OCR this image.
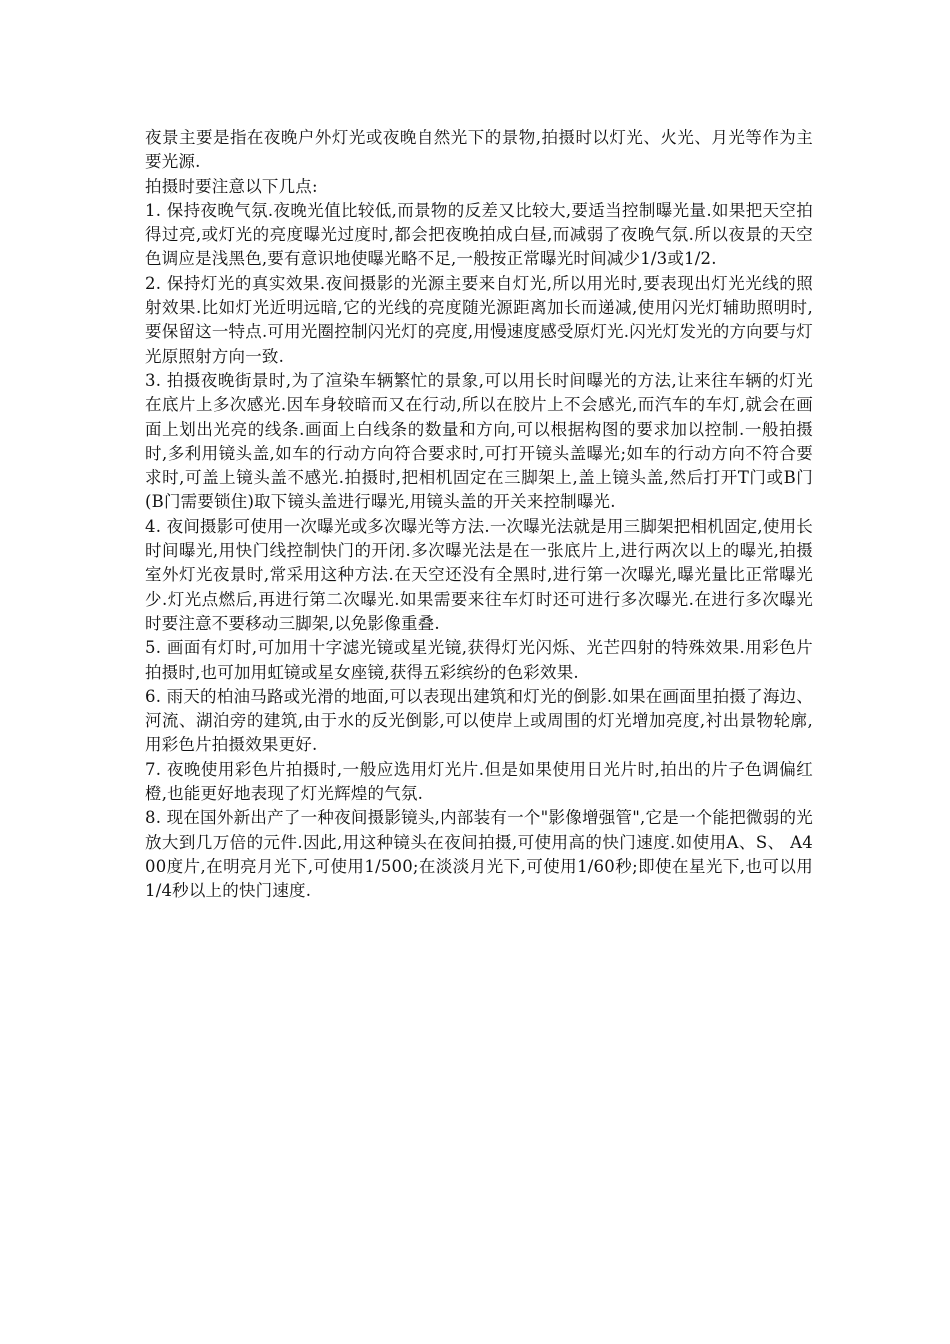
夜景主要是指在夜晚户外灯光或夜晚自然光下的景物,拍摄时以灯光、火光、月光等作为主要光源.

拍摄时要注意以下几点:

1. 保持夜晚气氛.夜晚光值比较低,而景物的反差又比较大,要适当控制曝光量.如果把天空拍得过亮,或灯光的亮度曝光过度时,都会把夜晚拍成白昼,而减弱了夜晚气氛.所以夜景的天空色调应是浅黑色,要有意识地使曝光略不足,一般按正常曝光时间减少1/3或1/2.

2. 保持灯光的真实效果.夜间摄影的光源主要来自灯光,所以用光时,要表现出灯光光线的照射效果.比如灯光近明远暗,它的光线的亮度随光源距离加长而递减,使用闪光灯辅助照明时,要保留这一特点.可用光圈控制闪光灯的亮度,用慢速度感受原灯光.闪光灯发光的方向要与灯光原照射方向一致.

3. 拍摄夜晚街景时,为了渲染车辆繁忙的景象,可以用长时间曝光的方法,让来往车辆的灯光在底片上多次感光.因车身较暗而又在行动,所以在胶片上不会感光,而汽车的车灯,就会在画面上划出光亮的线条.画面上白线条的数量和方向,可以根据构图的要求加以控制.一般拍摄时,多利用镜头盖,如车的行动方向符合要求时,可打开镜头盖曝光;如车的行动方向不符合要求时,可盖上镜头盖不感光.拍摄时,把相机固定在三脚架上,盖上镜头盖,然后打开T门或B门(B门需要锁住)取下镜头盖进行曝光,用镜头盖的开关来控制曝光.

4. 夜间摄影可使用一次曝光或多次曝光等方法.一次曝光法就是用三脚架把相机固定,使用长时间曝光,用快门线控制快门的开闭.多次曝光法是在一张底片上,进行两次以上的曝光,拍摄室外灯光夜景时,常采用这种方法.在天空还没有全黑时,进行第一次曝光,曝光量比正常曝光少.灯光点燃后,再进行第二次曝光.如果需要来往车灯时还可进行多次曝光.在进行多次曝光时要注意不要移动三脚架,以免影像重叠.

5. 画面有灯时,可加用十字滤光镜或星光镜,获得灯光闪烁、光芒四射的特殊效果.用彩色片拍摄时,也可加用虹镜或星女座镜,获得五彩缤纷的色彩效果.

6. 雨天的柏油马路或光滑的地面,可以表现出建筑和灯光的倒影.如果在画面里拍摄了海边、河流、湖泊旁的建筑,由于水的反光倒影,可以使岸上或周围的灯光增加亮度,衬出景物轮廓,用彩色片拍摄效果更好.

7. 夜晚使用彩色片拍摄时,一般应选用灯光片.但是如果使用日光片时,拍出的片子色调偏红橙,也能更好地表现了灯光辉煌的气氛.

8. 现在国外新出产了一种夜间摄影镜头,内部装有一个"影像增强管",它是一个能把微弱的光放大到几万倍的元件.因此,用这种镜头在夜间拍摄,可使用高的快门速度.如使用A、S、 A400度片,在明亮月光下,可使用1/500;在淡淡月光下,可使用1/60秒;即使在星光下,也可以用1/4秒以上的快门速度.
